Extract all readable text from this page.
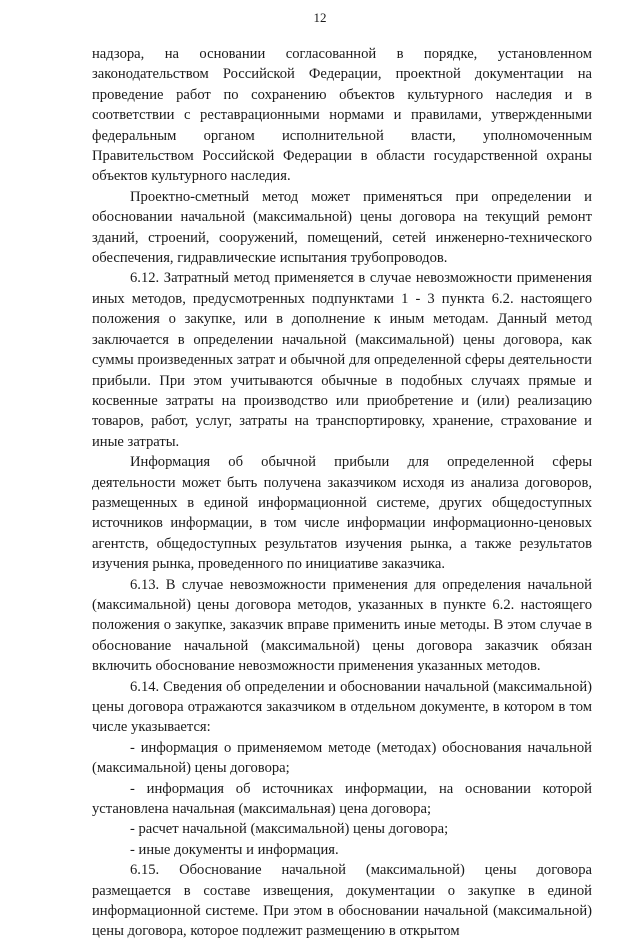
12

надзора, на основании согласованной в порядке, установленном законодательством Российской Федерации, проектной документации на проведение работ по сохранению объектов культурного наследия и в соответствии с реставрационными нормами и правилами, утвержденными федеральным органом исполнительной власти, уполномоченным Правительством Российской Федерации в области государственной охраны объектов культурного наследия.

Проектно-сметный метод может применяться при определении и обосновании начальной (максимальной) цены договора на текущий ремонт зданий, строений, сооружений, помещений, сетей инженерно-технического обеспечения, гидравлические испытания трубопроводов.

6.12. Затратный метод применяется в случае невозможности применения иных методов, предусмотренных подпунктами 1 - 3 пункта 6.2. настоящего положения о закупке, или в дополнение к иным методам. Данный метод заключается в определении начальной (максимальной) цены договора, как суммы произведенных затрат и обычной для определенной сферы деятельности прибыли. При этом учитываются обычные в подобных случаях прямые и косвенные затраты на производство или приобретение и (или) реализацию товаров, работ, услуг, затраты на транспортировку, хранение, страхование и иные затраты.

Информация об обычной прибыли для определенной сферы деятельности может быть получена заказчиком исходя из анализа договоров, размещенных в единой информационной системе, других общедоступных источников информации, в том числе информации информационно-ценовых агентств, общедоступных результатов изучения рынка, а также результатов изучения рынка, проведенного по инициативе заказчика.

6.13. В случае невозможности применения для определения начальной (максимальной) цены договора методов, указанных в пункте 6.2. настоящего положения о закупке, заказчик вправе применить иные методы. В этом случае в обоснование начальной (максимальной) цены договора заказчик обязан включить обоснование невозможности применения указанных методов.

6.14. Сведения об определении и обосновании начальной (максимальной) цены договора отражаются заказчиком в отдельном документе, в котором в том числе указывается:

- информация о применяемом методе (методах) обоснования начальной (максимальной) цены договора;

- информация об источниках информации, на основании которой установлена начальная (максимальная) цена договора;

- расчет начальной (максимальной) цены договора;

- иные документы и информация.

6.15. Обоснование начальной (максимальной) цены договора размещается в составе извещения, документации о закупке в единой информационной системе. При этом в обосновании начальной (максимальной) цены договора, которое подлежит размещению в открытом
